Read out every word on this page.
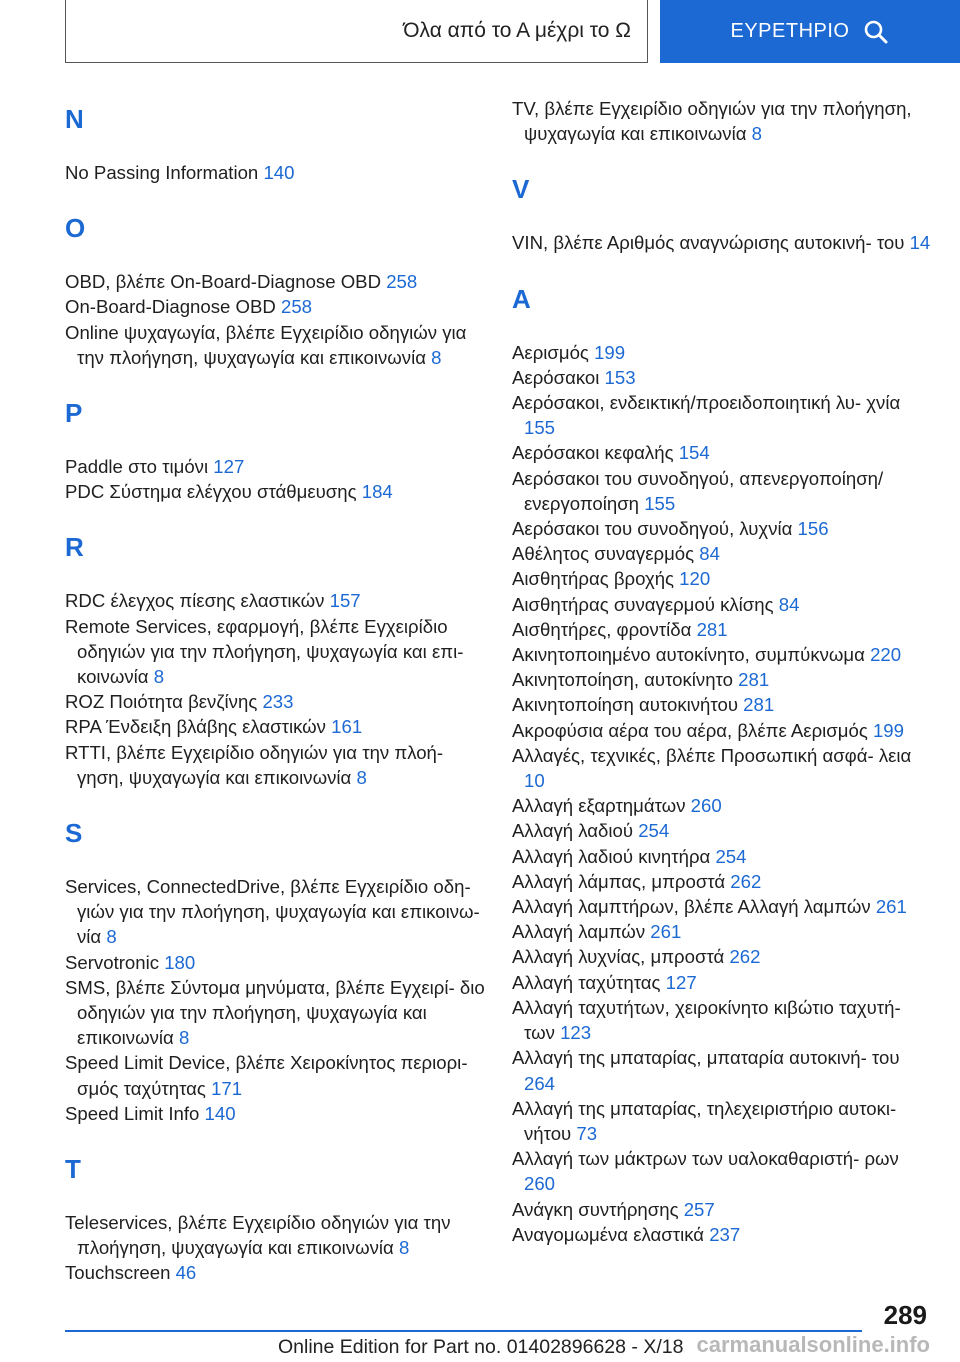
Όλα από το Α μέχρι το Ω	ΕΥΡΕΤΗΡΙΟ
N
No Passing Information 140
O
OBD, βλέπε On-Board-Diagnose OBD 258
On-Board-Diagnose OBD 258
Online ψυχαγωγία, βλέπε Εγχειρίδιο οδηγιών για την πλοήγηση, ψυχαγωγία και επικοινωνία 8
P
Paddle στο τιμόνι 127
PDC Σύστημα ελέγχου στάθμευσης 184
R
RDC έλεγχος πίεσης ελαστικών 157
Remote Services, εφαρμογή, βλέπε Εγχειρίδιο οδηγιών για την πλοήγηση, ψυχαγωγία και επι- κοινωνία 8
ROZ Ποιότητα βενζίνης 233
RPA Ένδειξη βλάβης ελαστικών 161
RTTI, βλέπε Εγχειρίδιο οδηγιών για την πλοή- γηση, ψυχαγωγία και επικοινωνία 8
S
Services, ConnectedDrive, βλέπε Εγχειρίδιο οδη- γιών για την πλοήγηση, ψυχαγωγία και επικοινω- νία 8
Servotronic 180
SMS, βλέπε Σύντομα μηνύματα, βλέπε Εγχειρί- διο οδηγιών για την πλοήγηση, ψυχαγωγία και επικοινωνία 8
Speed Limit Device, βλέπε Χειροκίνητος περιορι- σμός ταχύτητας 171
Speed Limit Info 140
T
Teleservices, βλέπε Εγχειρίδιο οδηγιών για την πλοήγηση, ψυχαγωγία και επικοινωνία 8
Touchscreen 46
TV, βλέπε Εγχειρίδιο οδηγιών για την πλοήγηση, ψυχαγωγία και επικοινωνία 8
V
VIN, βλέπε Αριθμός αναγνώρισης αυτοκινή- του 14
Α
Αερισμός 199
Αερόσακοι 153
Αερόσακοι, ενδεικτική/προειδοποιητική λυ- χνία 155
Αερόσακοι κεφαλής 154
Αερόσακοι του συνοδηγού, απενεργοποίηση/ ενεργοποίηση 155
Αερόσακοι του συνοδηγού, λυχνία 156
Αθέλητος συναγερμός 84
Αισθητήρας βροχής 120
Αισθητήρας συναγερμού κλίσης 84
Αισθητήρες, φροντίδα 281
Ακινητοποιημένο αυτοκίνητο, συμπύκνωμα 220
Ακινητοποίηση, αυτοκίνητο 281
Ακινητοποίηση αυτοκινήτου 281
Ακροφύσια αέρα του αέρα, βλέπε Αερισμός 199
Αλλαγές, τεχνικές, βλέπε Προσωπική ασφά- λεια 10
Αλλαγή εξαρτημάτων 260
Αλλαγή λαδιού 254
Αλλαγή λαδιού κινητήρα 254
Αλλαγή λάμπας, μπροστά 262
Αλλαγή λαμπτήρων, βλέπε Αλλαγή λαμπών 261
Αλλαγή λαμπών 261
Αλλαγή λυχνίας, μπροστά 262
Αλλαγή ταχύτητας 127
Αλλαγή ταχυτήτων, χειροκίνητο κιβώτιο ταχυτή- των 123
Αλλαγή της μπαταρίας, μπαταρία αυτοκινή- του 264
Αλλαγή της μπαταρίας, τηλεχειριστήριο αυτοκι- νήτου 73
Αλλαγή των μάκτρων των υαλοκαθαριστή- ρων 260
Ανάγκη συντήρησης 257
Αναγομωμένα ελαστικά 237
289
Online Edition for Part no. 01402896628 - X/18 carmanualsonline.info
